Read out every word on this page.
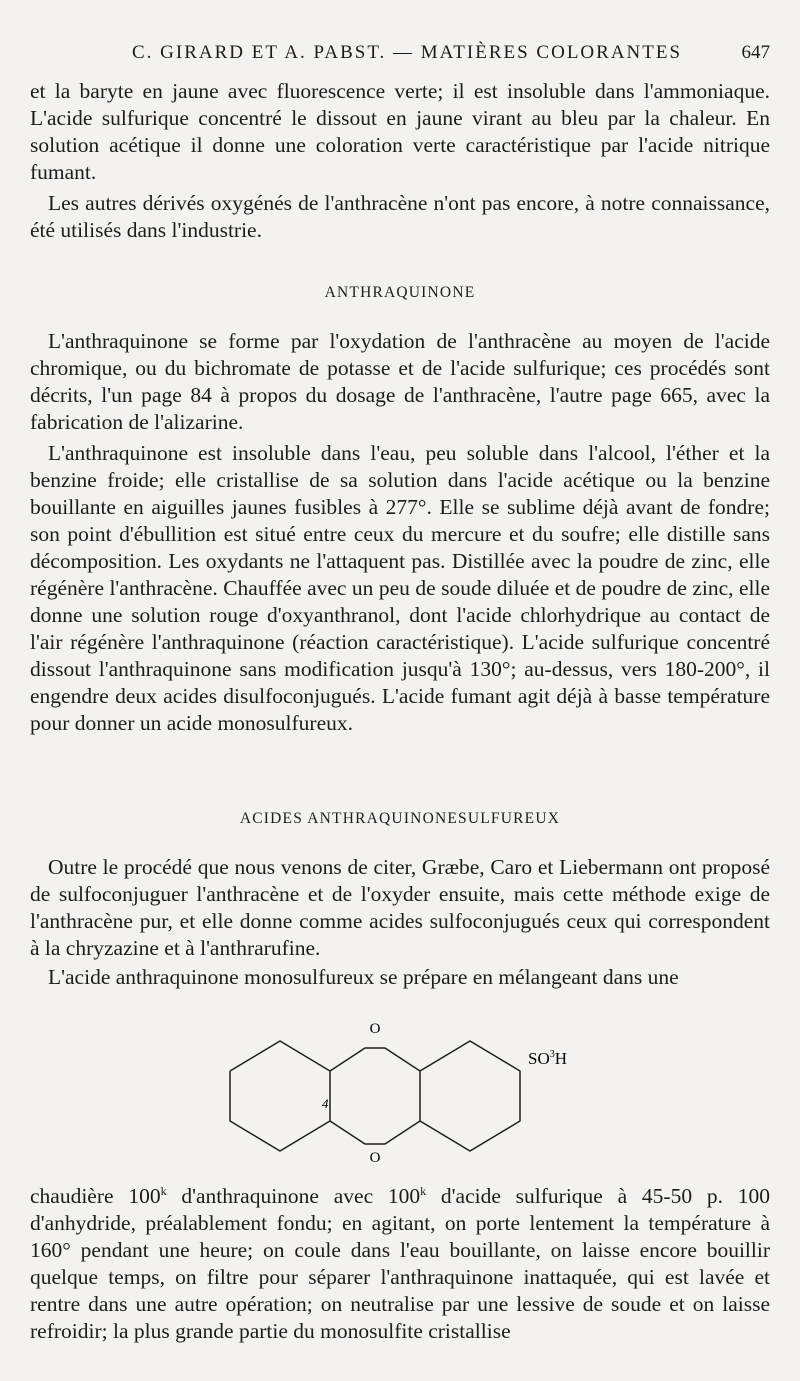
C. GIRARD ET A. PABST. — MATIÈRES COLORANTES	647

et la baryte en jaune avec fluorescence verte; il est insoluble dans l'ammoniaque. L'acide sulfurique concentré le dissout en jaune virant au bleu par la chaleur. En solution acétique il donne une coloration verte caractéristique par l'acide nitrique fumant.

Les autres dérivés oxygénés de l'anthracène n'ont pas encore, à notre connaissance, été utilisés dans l'industrie.

ANTHRAQUINONE

L'anthraquinone se forme par l'oxydation de l'anthracène au moyen de l'acide chromique, ou du bichromate de potasse et de l'acide sulfurique; ces procédés sont décrits, l'un page 84 à propos du dosage de l'anthracène, l'autre page 665, avec la fabrication de l'alizarine.

L'anthraquinone est insoluble dans l'eau, peu soluble dans l'alcool, l'éther et la benzine froide; elle cristallise de sa solution dans l'acide acétique ou la benzine bouillante en aiguilles jaunes fusibles à 277°. Elle se sublime déjà avant de fondre; son point d'ébullition est situé entre ceux du mercure et du soufre; elle distille sans décomposition. Les oxydants ne l'attaquent pas. Distillée avec la poudre de zinc, elle régénère l'anthracène. Chauffée avec un peu de soude diluée et de poudre de zinc, elle donne une solution rouge d'oxyanthranol, dont l'acide chlorhydrique au contact de l'air régénère l'anthraquinone (réaction caractéristique). L'acide sulfurique concentré dissout l'anthraquinone sans modification jusqu'à 130°; au-dessus, vers 180-200°, il engendre deux acides disulfoconjugués. L'acide fumant agit déjà à basse température pour donner un acide monosulfureux.

ACIDES ANTHRAQUINONESULFUREUX

Outre le procédé que nous venons de citer, Græbe, Caro et Liebermann ont proposé de sulfoconjuguer l'anthracène et de l'oxyder ensuite, mais cette méthode exige de l'anthracène pur, et elle donne comme acides sulfoconjugués ceux qui correspondent à la chryzazine et à l'anthrarufine.

L'acide anthraquinone monosulfureux se prépare en mélangeant dans une

O
O
$SO^3H$
4

chaudière 100$^k$ d'anthraquinone avec 100$^k$ d'acide sulfurique à 45-50 p. 100 d'anhydride, préalablement fondu; en agitant, on porte lentement la température à 160° pendant une heure; on coule dans l'eau bouillante, on laisse encore bouillir quelque temps, on filtre pour séparer l'anthraquinone inattaquée, qui est lavée et rentre dans une autre opération; on neutralise par une lessive de soude et on laisse refroidir; la plus grande partie du monosulfite cristallise
